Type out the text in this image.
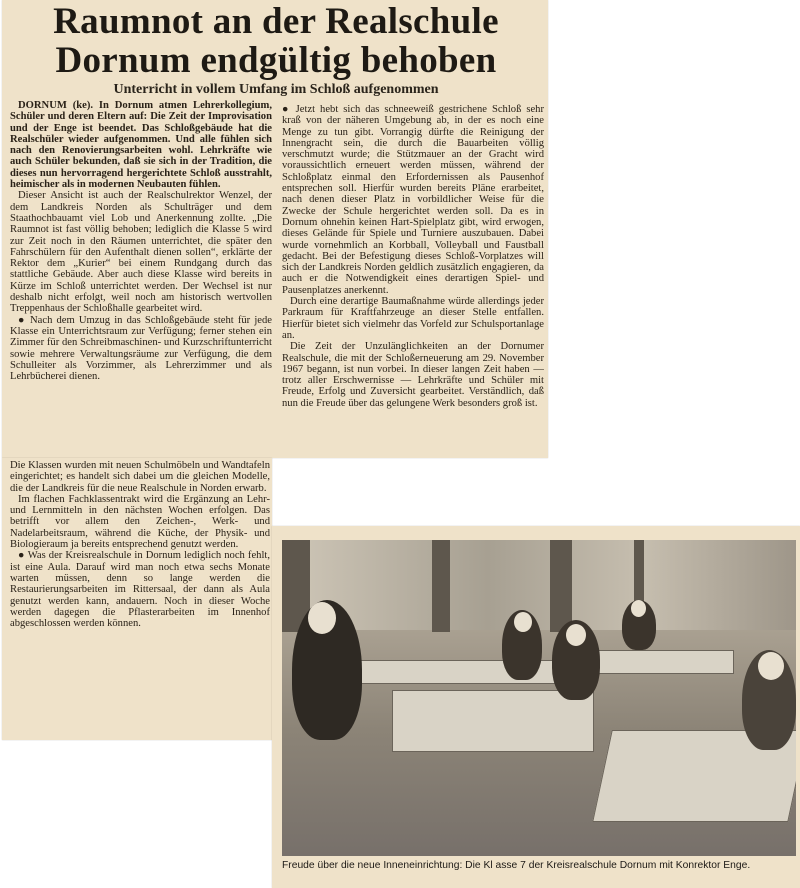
Raumnot an der Realschule
Dornum endgültig behoben
Unterricht in vollem Umfang im Schloß aufgenommen

DORNUM (ke). In Dornum atmen Lehrerkollegium, Schüler und deren Eltern auf: Die Zeit der Improvisation und der Enge ist beendet. Das Schloßgebäude hat die Realschüler wieder aufgenommen. Und alle fühlen sich nach den Renovierungsarbeiten wohl. Lehrkräfte wie auch Schüler bekunden, daß sie sich in der Tradition, die dieses nun hervorragend hergerichtete Schloß ausstrahlt, heimischer als in modernen Neubauten fühlen.

Dieser Ansicht ist auch der Realschulrektor Wenzel, der dem Landkreis Norden als Schulträger und dem Staathochbauamt viel Lob und Anerkennung zollte. „Die Raumnot ist fast völlig behoben; lediglich die Klasse 5 wird zur Zeit noch in den Räumen unterrichtet, die später den Fahrschülern für den Aufenthalt dienen sollen“, erklärte der Rektor dem „Kurier“ bei einem Rundgang durch das stattliche Gebäude. Aber auch diese Klasse wird bereits in Kürze im Schloß unterrichtet werden. Der Wechsel ist nur deshalb nicht erfolgt, weil noch am historisch wertvollen Treppenhaus der Schloßhalle gearbeitet wird.

● Nach dem Umzug in das Schloßgebäude steht für jede Klasse ein Unterrichtsraum zur Verfügung; ferner stehen ein Zimmer für den Schreibmaschinen- und Kurzschriftunterricht sowie mehrere Verwaltungsräume zur Verfügung, die dem Schulleiter als Vorzimmer, als Lehrerzimmer und als Lehrbücherei dienen.

● Jetzt hebt sich das schneeweiß gestrichene Schloß sehr kraß von der näheren Umgebung ab, in der es noch eine Menge zu tun gibt. Vorrangig dürfte die Reinigung der Innengracht sein, die durch die Bauarbeiten völlig verschmutzt wurde; die Stützmauer an der Gracht wird voraussichtlich erneuert werden müssen, während der Schloßplatz einmal den Erfordernissen als Pausenhof entsprechen soll. Hierfür wurden bereits Pläne erarbeitet, nach denen dieser Platz in vorbildlicher Weise für die Zwecke der Schule hergerichtet werden soll. Da es in Dornum ohnehin keinen Hart-Spielplatz gibt, wird erwogen, dieses Gelände für Spiele und Turniere auszubauen. Dabei wurde vornehmlich an Korbball, Volleyball und Faustball gedacht. Bei der Befestigung dieses Schloß-Vorplatzes will sich der Landkreis Norden geldlich zusätzlich engagieren, da auch er die Notwendigkeit eines derartigen Spiel- und Pausenplatzes anerkennt.

Durch eine derartige Baumaßnahme würde allerdings jeder Parkraum für Kraftfahrzeuge an dieser Stelle entfallen. Hierfür bietet sich vielmehr das Vorfeld zur Schulsportanlage an.

Die Zeit der Unzulänglichkeiten an der Dornumer Realschule, die mit der Schloßerneuerung am 29. November 1967 begann, ist nun vorbei. In dieser langen Zeit haben — trotz aller Erschwernisse — Lehrkräfte und Schüler mit Freude, Erfolg und Zuversicht gearbeitet. Verständlich, daß nun die Freude über das gelungene Werk besonders groß ist.

Die Klassen wurden mit neuen Schulmöbeln und Wandtafeln eingerichtet; es handelt sich dabei um die gleichen Modelle, die der Landkreis für die neue Realschule in Norden erwarb.

Im flachen Fachklassentrakt wird die Ergänzung an Lehr- und Lernmitteln in den nächsten Wochen erfolgen. Das betrifft vor allem den Zeichen-, Werk- und Nadelarbeitsraum, während die Küche, der Physik- und Biologieraum ja bereits entsprechend genutzt werden.

● Was der Kreisrealschule in Dornum lediglich noch fehlt, ist eine Aula. Darauf wird man noch etwa sechs Monate warten müssen, denn so lange werden die Restaurierungsarbeiten im Rittersaal, der dann als Aula genutzt werden kann, andauern. Noch in dieser Woche werden dagegen die Pflasterarbeiten im Innenhof abgeschlossen werden können.

Freude über die neue Inneneinrichtung: Die Kl asse 7 der Kreisrealschule Dornum mit Konrektor Enge.
